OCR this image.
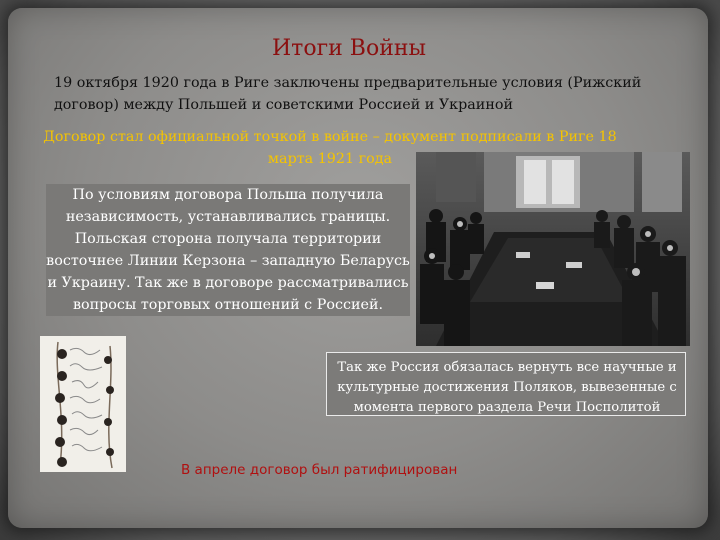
Итоги Войны
19 октября 1920 года в Риге заключены предварительные условия (Рижский договор) между Польшей и советскими Россией и Украиной
Договор стал официальной точкой в войне – документ подписали в Риге 18 марта 1921 года
По условиям договора Польша получила независимость, устанавливались границы. Польская сторона получала территории восточнее Линии Керзона – западную Беларусь и Украину. Так же в договоре рассматривались вопросы торговых отношений с Россией.
Так же Россия обязалась вернуть все научные и культурные достижения Поляков, вывезенные с момента первого раздела Речи Посполитой
В апреле договор был ратифицирован
